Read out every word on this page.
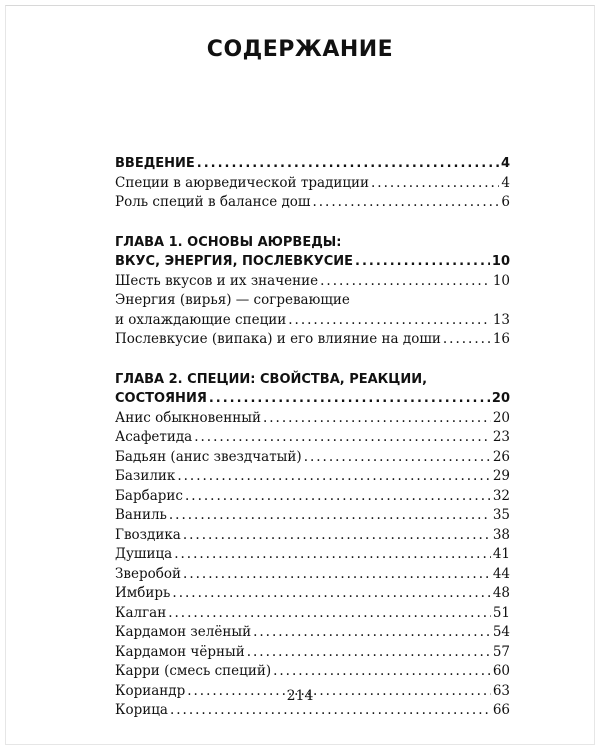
СОДЕРЖАНИЕ
ВВЕДЕНИЕ .....	4
Специи в аюрведической традиции .....	4
Роль специй в балансе дош .....	6
ГЛАВА 1. ОСНОВЫ АЮРВЕДЫ:
ВКУС, ЭНЕРГИЯ, ПОСЛЕВКУСИЕ .....	10
Шесть вкусов и их значение .....	10
Энергия (вирья) — согревающие
и охлаждающие специи .....	13
Послевкусие (випака) и его влияние на доши .....	16
ГЛАВА 2. СПЕЦИИ: СВОЙСТВА, РЕАКЦИИ,
СОСТОЯНИЯ .....	20
Анис обыкновенный .....	20
Асафетида .....	23
Бадьян (анис звездчатый) .....	26
Базилик .....	29
Барбарис .....	32
Ваниль .....	35
Гвоздика .....	38
Душица .....	41
Зверобой .....	44
Имбирь .....	48
Калган .....	51
Кардамон зелёный .....	54
Кардамон чёрный .....	57
Карри (смесь специй) .....	60
Кориандр .....	63
Корица .....	66
214
